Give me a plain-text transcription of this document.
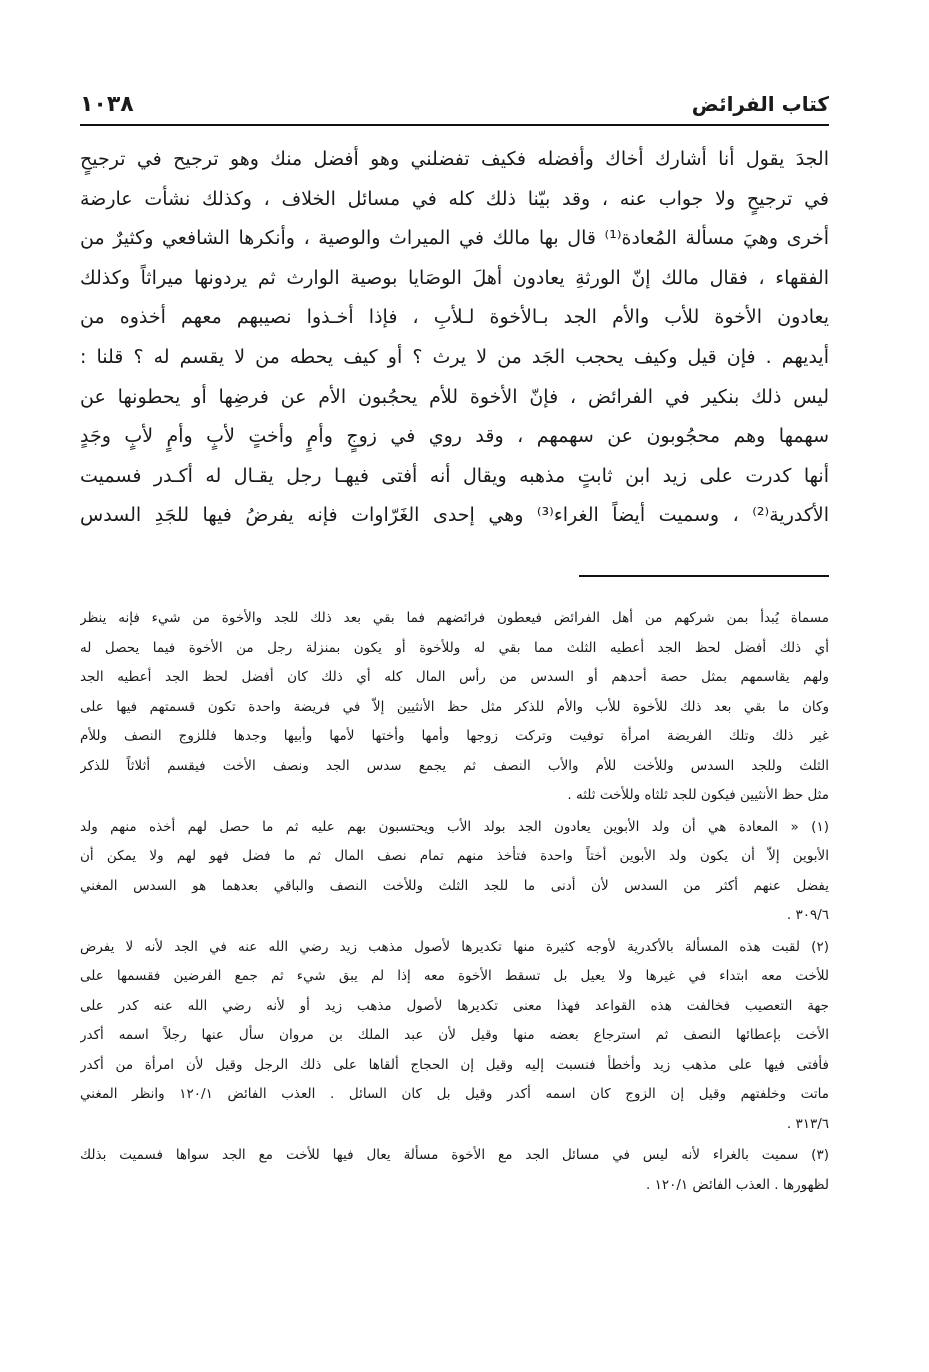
كتاب الفرائض
١٠٣٨
الجدَ يقول أنا أشارك أخاك وأفضله فكيف تفضلني وهو أفضل منك وهو ترجيح في ترجيحٍ
في ترجيحٍ ولا جواب عنه ، وقد بيّنا ذلك كله في مسائل الخلاف ، وكذلك نشأت عارضة
أخرى وهيَ مسألة المُعادة⁽¹⁾ قال بها مالك في الميراث والوصية ، وأنكرها الشافعي وكثيرٌ من
الفقهاء ، فقال مالك إنّ الورثةِ يعادون أهلَ الوصَايا بوصية الوارث ثم يردونها ميراثاً وكذلك
يعادون الأخوة للأب والأم الجد بـالأخوة لـلأبِ ، فإذا أخـذوا نصيبهم معهم أخذوه من
أيديهم . فإن قيل وكيف يحجب الجَد من لا يرث ؟ أو كيف يحطه من لا يقسم له ؟ قلنا :
ليس ذلك بنكير في الفرائض ، فإنّ الأخوة للأم يحجُبون الأم عن فرضِها أو يحطونها عن
سهمها وهم محجُوبون عن سهمهم ، وقد روي في زوجٍ وأمٍ وأختٍ لأبٍ وأمٍ لأبٍ وجَدٍ
أنها كدرت على زيد ابن ثابتٍ مذهبه ويقال أنه أفتى فيهـا رجل يقـال له أكـدر فسميت
الأكدرية⁽²⁾ ، وسميت أيضاً الغراء⁽³⁾ وهي إحدى الغَرّاوات فإنه يفرضُ فيها للجَدِ السدس
مسماة يُبدأ بمن شركهم من أهل الفرائض فيعطون فرائضهم فما بقي بعد ذلك للجد والأخوة من شيء فإنه ينظر
أي ذلك أفضل لحظ الجد أعطيه الثلث مما بقي له وللأخوة أو يكون بمنزلة رجل من الأخوة فيما يحصل له
ولهم يقاسمهم بمثل حصة أحدهم أو السدس من رأس المال كله أي ذلك كان أفضل لحظ الجد أعطيه الجد
وكان ما بقي بعد ذلك للأخوة للأب والأم للذكر مثل حظ الأنثيين إلاّ في فريضة واحدة تكون قسمتهم فيها على
غير ذلك وتلك الفريضة امرأة توفيت وتركت زوجها وأمها وأختها لأمها وأبيها وجدها فللزوج النصف وللأم
الثلث وللجد السدس وللأخت للأم والأب النصف ثم يجمع سدس الجد ونصف الأخت فيقسم أثلاثاً للذكر
مثل حظ الأنثيين فيكون للجد ثلثاه وللأخت ثلثه .
(١) « المعادة هي أن ولد الأبوين يعادون الجد بولد الأب ويحتسبون بهم عليه ثم ما حصل لهم أخذه منهم ولد
الأبوين إلاّ أن يكون ولد الأبوين أختاً واحدة فتأخذ منهم تمام نصف المال ثم ما فضل فهو لهم ولا يمكن أن
يفضل عنهم أكثر من السدس لأن أدنى ما للجد الثلث وللأخت النصف والباقي بعدهما هو السدس المغني
٣٠٩/٦ .
(٢) لقبت هذه المسألة بالأكدرية لأوجه كثيرة منها تكديرها لأصول مذهب زيد رضي الله عنه في الجد لأنه لا يفرض
للأخت معه ابتداء في غيرها ولا يعيل بل تسقط الأخوة معه إذا لم يبق شيء ثم جمع الفرضين فقسمها على
جهة التعصيب فخالفت هذه القواعد فهذا معنى تكديرها لأصول مذهب زيد أو لأنه رضي الله عنه كدر على
الأخت بإعطائها النصف ثم استرجاع بعضه منها وقيل لأن عبد الملك بن مروان سأل عنها رجلاً اسمه أكدر
فأفتى فيها على مذهب زيد وأخطأ فنسبت إليه وقيل إن الحجاج ألقاها على ذلك الرجل وقيل لأن امرأة من أكدر
ماتت وخلفتهم وقيل إن الزوج كان اسمه أكدر وقيل بل كان السائل . العذب الفائض ١٢٠/١ وانظر المغني
٣١٣/٦ .
(٣) سميت بالغراء لأنه ليس في مسائل الجد مع الأخوة مسألة يعال فيها للأخت مع الجد سواها فسميت بذلك
لظهورها . العذب الفائض ١٢٠/١ .
